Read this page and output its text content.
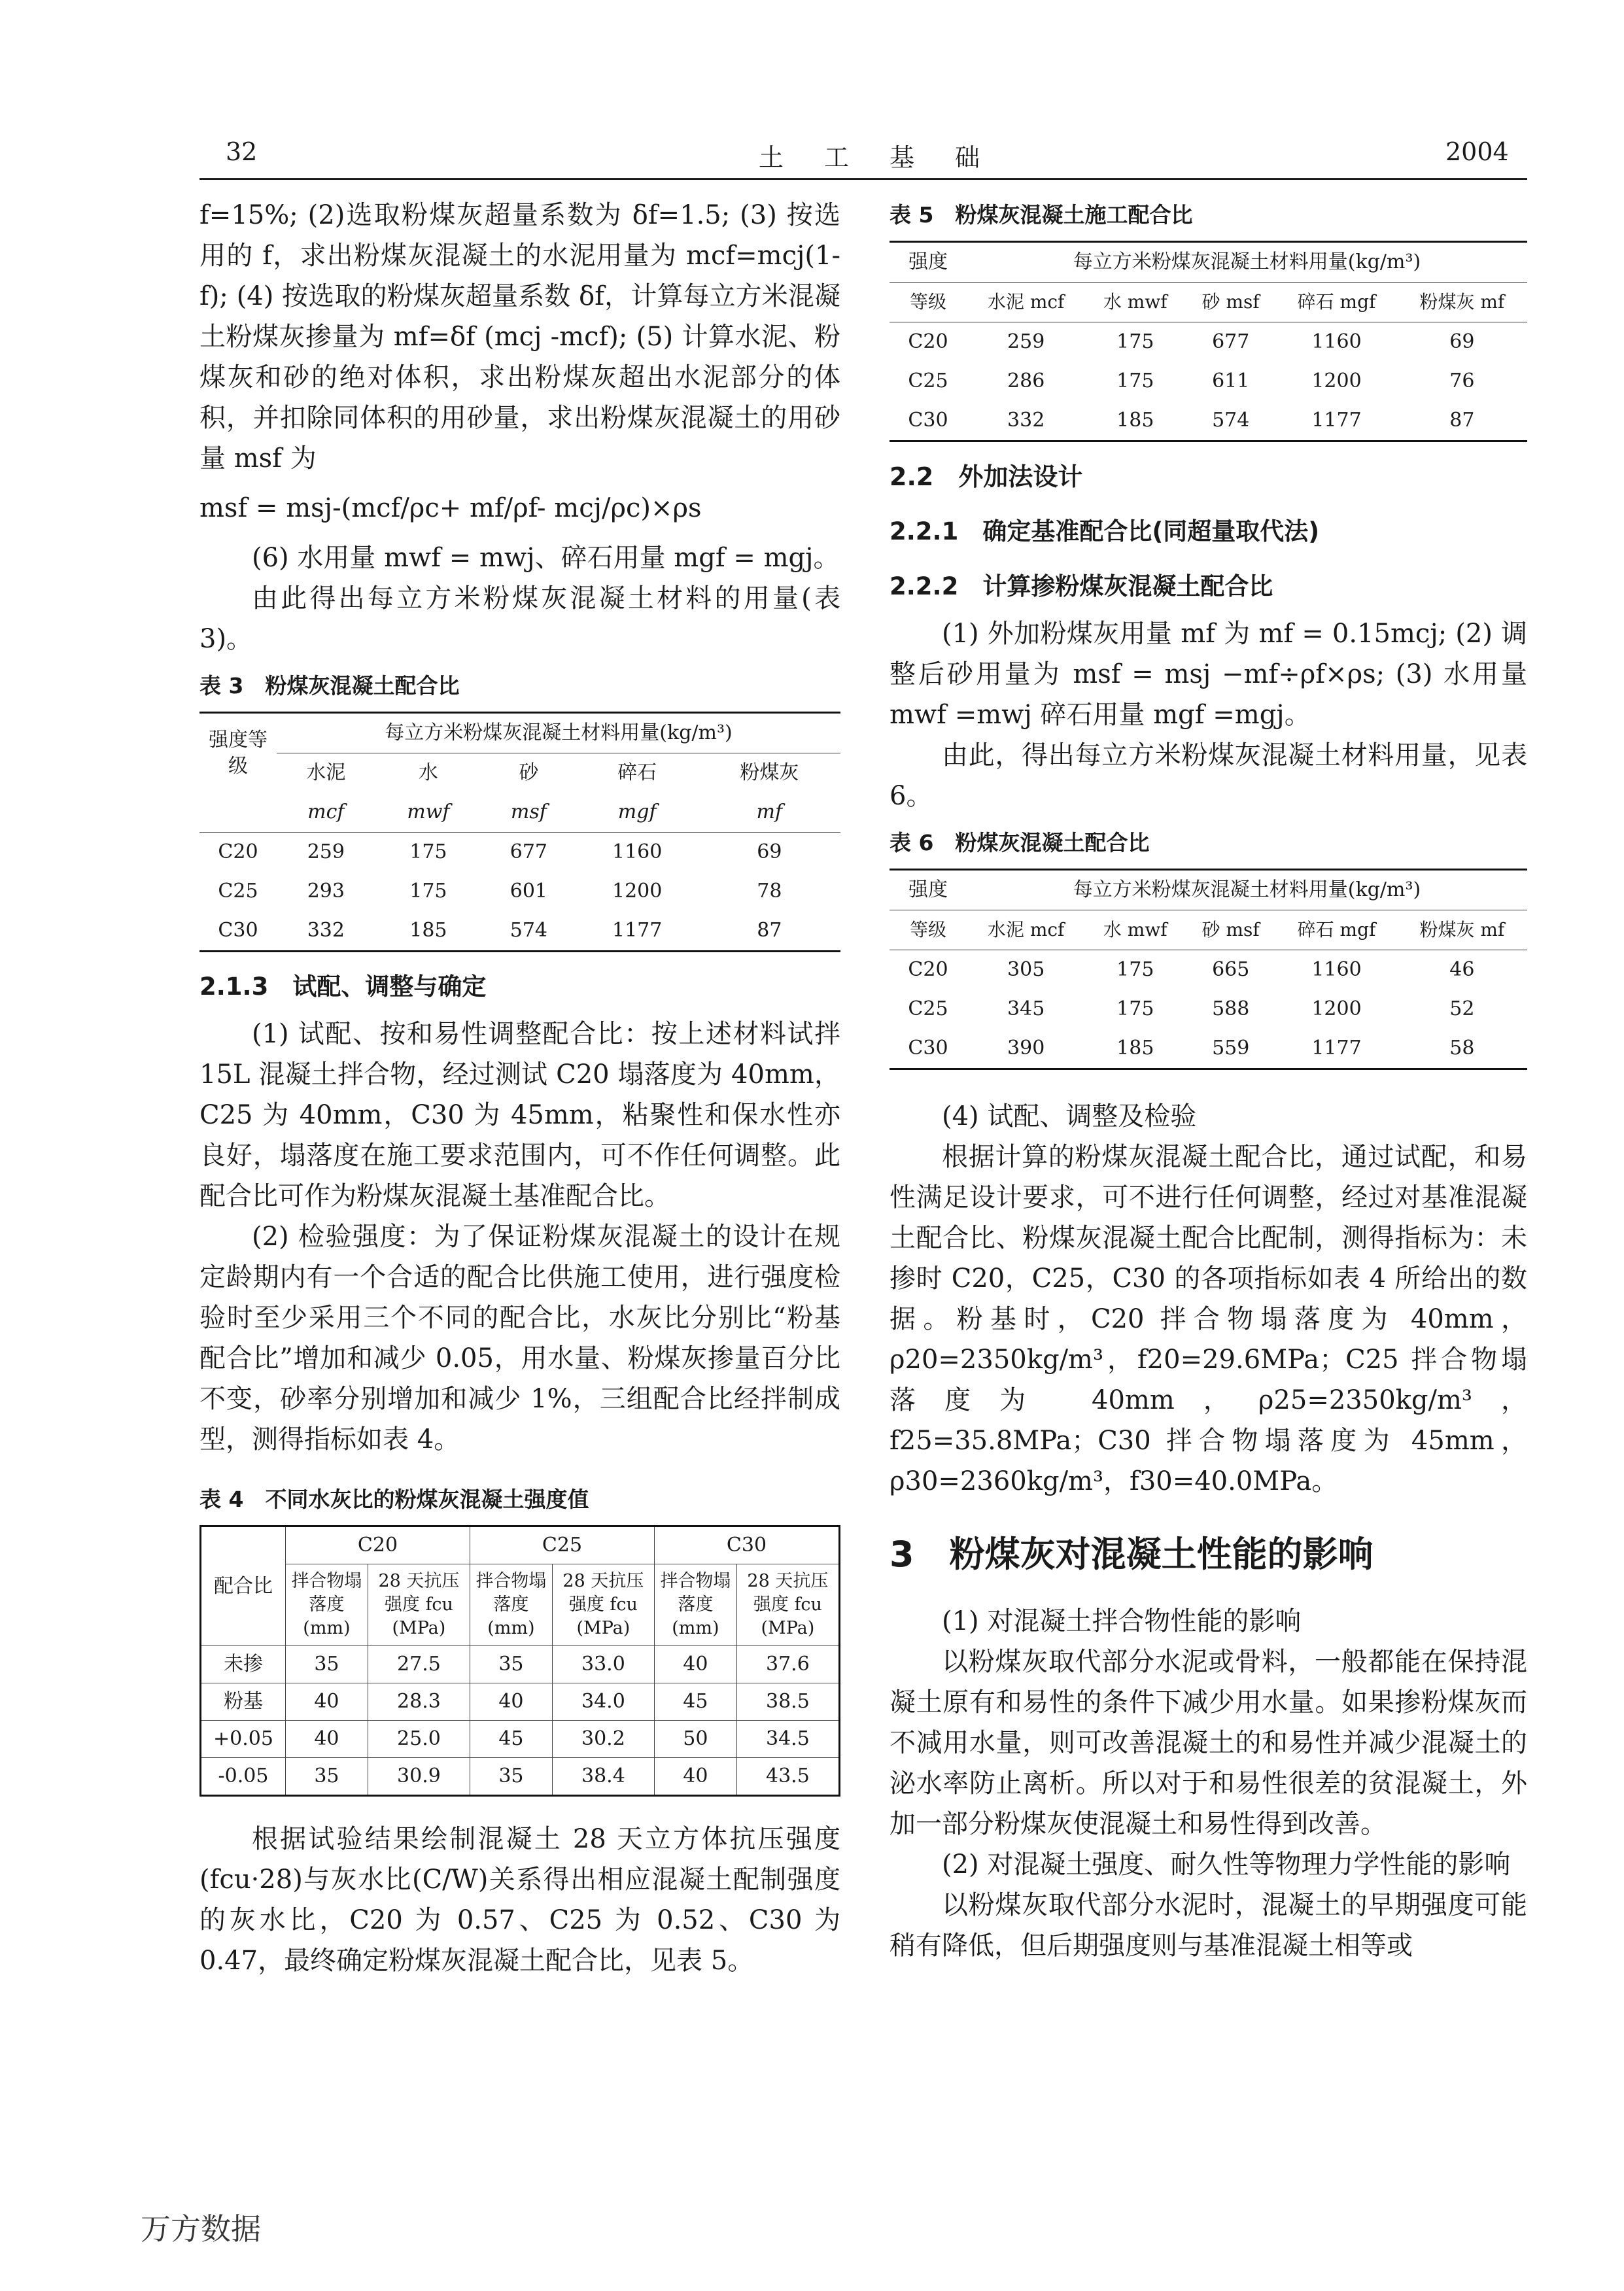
32	土　工　基　础	2004

f=15%; (2)选取粉煤灰超量系数为 δf=1.5; (3) 按选用的 f，求出粉煤灰混凝土的水泥用量为 mcf=mcj(1-f); (4) 按选取的粉煤灰超量系数 δf，计算每立方米混凝土粉煤灰掺量为 mf=δf (mcj -mcf); (5) 计算水泥、粉煤灰和砂的绝对体积，求出粉煤灰超出水泥部分的体积，并扣除同体积的用砂量，求出粉煤灰混凝土的用砂量 msf 为

msf = msj-(mcf/ρc+ mf/ρf- mcj/ρc)×ρs

(6) 水用量 mwf = mwj、碎石用量 mgf = mgj。

由此得出每立方米粉煤灰混凝土材料的用量(表 3)。

表 3　粉煤灰混凝土配合比

强度等级	每立方米粉煤灰混凝土材料用量(kg/m³)				
	水泥	水	砂	碎石	粉煤灰
	mcf	mwf	msf	mgf	mf
C20	259	175	677	1160	69
C25	293	175	601	1200	78
C30	332	185	574	1177	87

2.1.3　试配、调整与确定

(1) 试配、按和易性调整配合比：按上述材料试拌 15L 混凝土拌合物，经过测试 C20 塌落度为 40mm，C25 为 40mm，C30 为 45mm，粘聚性和保水性亦良好，塌落度在施工要求范围内，可不作任何调整。此配合比可作为粉煤灰混凝土基准配合比。

(2) 检验强度：为了保证粉煤灰混凝土的设计在规定龄期内有一个合适的配合比供施工使用，进行强度检验时至少采用三个不同的配合比，水灰比分别比“粉基配合比”增加和减少 0.05，用水量、粉煤灰掺量百分比不变，砂率分别增加和减少 1%，三组配合比经拌制成型，测得指标如表 4。

表 4　不同水灰比的粉煤灰混凝土强度值

配合比	C20		C25		C30	
	拌合物塌落度(mm)	28 天抗压强度 fcu (MPa)	拌合物塌落度(mm)	28 天抗压强度 fcu (MPa)	拌合物塌落度(mm)	28 天抗压强度 fcu (MPa)
未掺	35	27.5	35	33.0	40	37.6
粉基	40	28.3	40	34.0	45	38.5
+0.05	40	25.0	45	30.2	50	34.5
-0.05	35	30.9	35	38.4	40	43.5

根据试验结果绘制混凝土 28 天立方体抗压强度(fcu·28)与灰水比(C/W)关系得出相应混凝土配制强度的灰水比，C20 为 0.57、C25 为 0.52、C30 为 0.47，最终确定粉煤灰混凝土配合比，见表 5。

表 5　粉煤灰混凝土施工配合比

强度	每立方米粉煤灰混凝土材料用量(kg/m³)				
等级	水泥 mcf	水 mwf	砂 msf	碎石 mgf	粉煤灰 mf
C20	259	175	677	1160	69
C25	286	175	611	1200	76
C30	332	185	574	1177	87

2.2　外加法设计

2.2.1　确定基准配合比(同超量取代法)

2.2.2　计算掺粉煤灰混凝土配合比

(1) 外加粉煤灰用量 mf 为 mf = 0.15mcj; (2) 调整后砂用量为 msf = msj −mf÷ρf×ρs; (3) 水用量 mwf =mwj 碎石用量 mgf =mgj。

由此，得出每立方米粉煤灰混凝土材料用量，见表 6。

表 6　粉煤灰混凝土配合比

强度	每立方米粉煤灰混凝土材料用量(kg/m³)				
等级	水泥 mcf	水 mwf	砂 msf	碎石 mgf	粉煤灰 mf
C20	305	175	665	1160	46
C25	345	175	588	1200	52
C30	390	185	559	1177	58

(4) 试配、调整及检验

根据计算的粉煤灰混凝土配合比，通过试配，和易性满足设计要求，可不进行任何调整，经过对基准混凝土配合比、粉煤灰混凝土配合比配制，测得指标为：未掺时 C20，C25，C30 的各项指标如表 4 所给出的数据。粉基时，C20 拌合物塌落度为 40mm，ρ20=2350kg/m³，f20=29.6MPa；C25 拌合物塌落度为 40mm，ρ25=2350kg/m³，f25=35.8MPa；C30 拌合物塌落度为 45mm，ρ30=2360kg/m³，f30=40.0MPa。

3　粉煤灰对混凝土性能的影响

(1) 对混凝土拌合物性能的影响

以粉煤灰取代部分水泥或骨料，一般都能在保持混凝土原有和易性的条件下减少用水量。如果掺粉煤灰而不减用水量，则可改善混凝土的和易性并减少混凝土的泌水率防止离析。所以对于和易性很差的贫混凝土，外加一部分粉煤灰使混凝土和易性得到改善。

(2) 对混凝土强度、耐久性等物理力学性能的影响

以粉煤灰取代部分水泥时，混凝土的早期强度可能稍有降低，但后期强度则与基准混凝土相等或

万方数据
